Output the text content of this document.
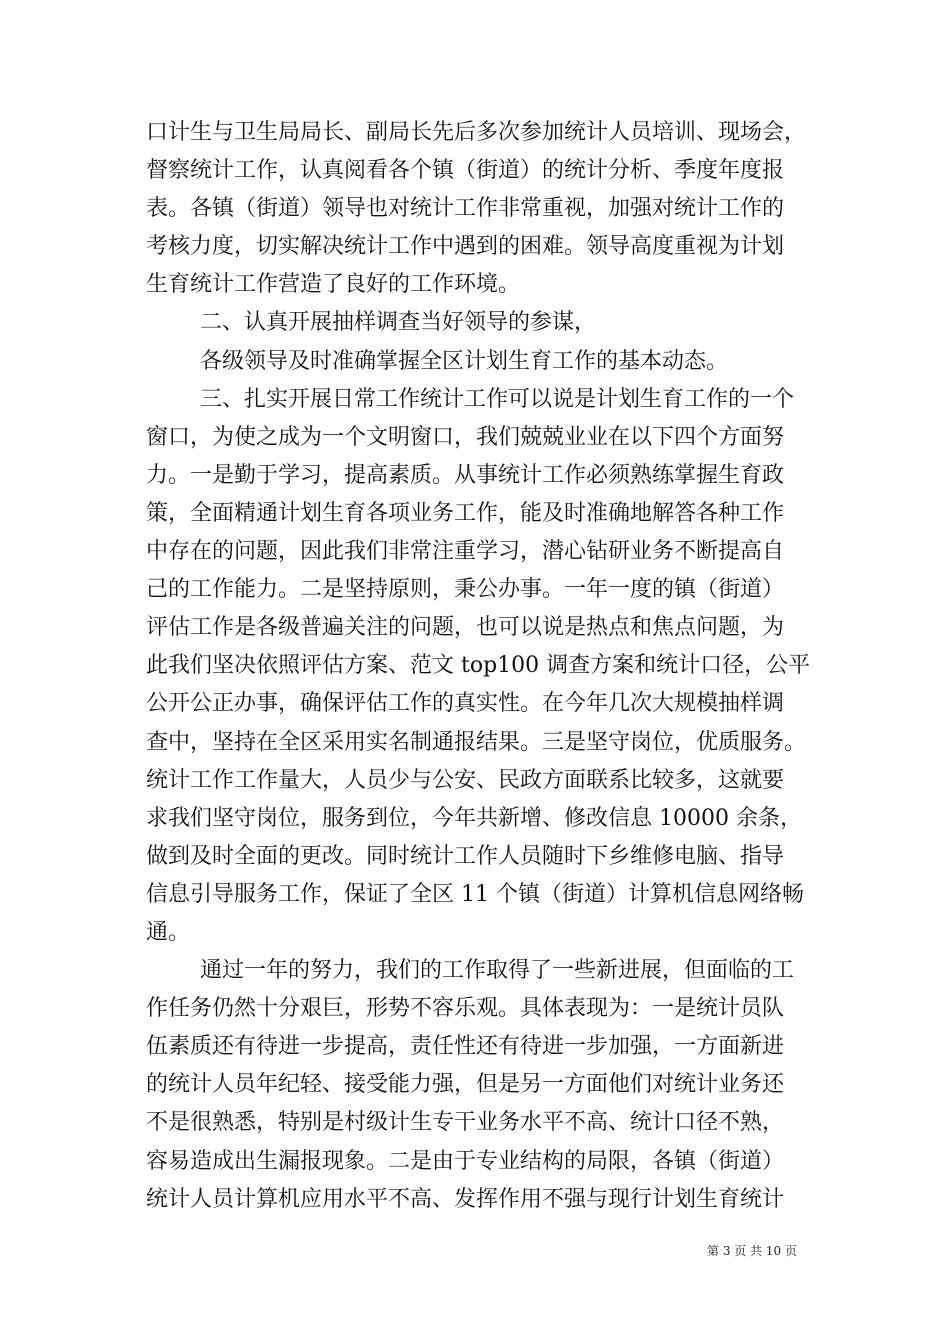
口计生与卫生局局长、副局长先后多次参加统计人员培训、现场会，
督察统计工作，认真阅看各个镇（街道）的统计分析、季度年度报
表。各镇（街道）领导也对统计工作非常重视，加强对统计工作的
考核力度，切实解决统计工作中遇到的困难。领导高度重视为计划
生育统计工作营造了良好的工作环境。
二、认真开展抽样调查当好领导的参谋，
各级领导及时准确掌握全区计划生育工作的基本动态。
三、扎实开展日常工作统计工作可以说是计划生育工作的一个
窗口，为使之成为一个文明窗口，我们兢兢业业在以下四个方面努
力。一是勤于学习，提高素质。从事统计工作必须熟练掌握生育政
策，全面精通计划生育各项业务工作，能及时准确地解答各种工作
中存在的问题，因此我们非常注重学习，潜心钻研业务不断提高自
己的工作能力。二是坚持原则，秉公办事。一年一度的镇（街道）
评估工作是各级普遍关注的问题，也可以说是热点和焦点问题，为
此我们坚决依照评估方案、范文 top100 调查方案和统计口径，公平
公开公正办事，确保评估工作的真实性。在今年几次大规模抽样调
查中，坚持在全区采用实名制通报结果。三是坚守岗位，优质服务。
统计工作工作量大，人员少与公安、民政方面联系比较多，这就要
求我们坚守岗位，服务到位，今年共新增、修改信息 10000 余条，
做到及时全面的更改。同时统计工作人员随时下乡维修电脑、指导
信息引导服务工作，保证了全区 11 个镇（街道）计算机信息网络畅
通。
通过一年的努力，我们的工作取得了一些新进展，但面临的工
作任务仍然十分艰巨，形势不容乐观。具体表现为：一是统计员队
伍素质还有待进一步提高，责任性还有待进一步加强，一方面新进
的统计人员年纪轻、接受能力强，但是另一方面他们对统计业务还
不是很熟悉，特别是村级计生专干业务水平不高、统计口径不熟，
容易造成出生漏报现象。二是由于专业结构的局限，各镇（街道）
统计人员计算机应用水平不高、发挥作用不强与现行计划生育统计
第 3 页 共 10 页
